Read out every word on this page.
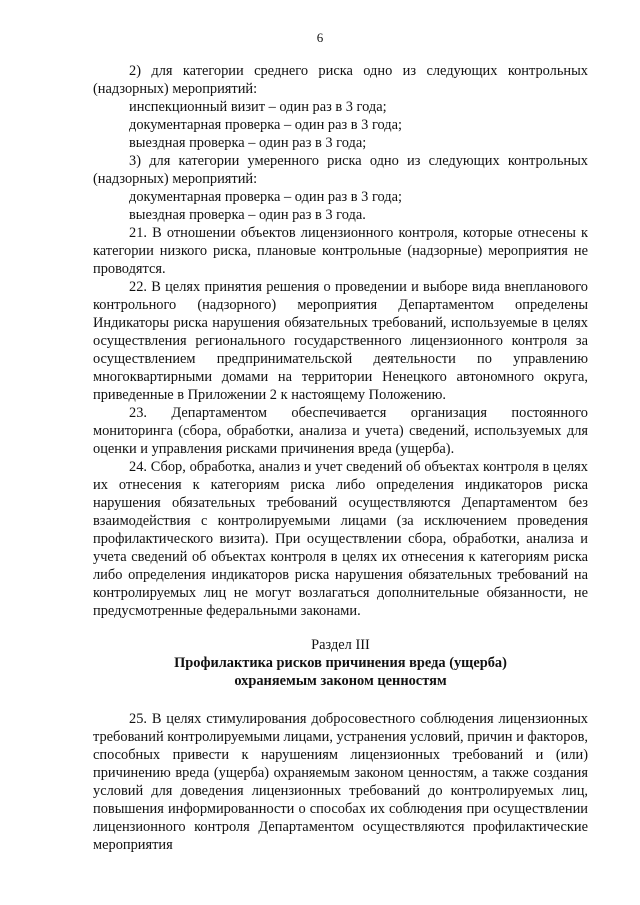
6

2) для категории среднего риска одно из следующих контрольных (надзорных) мероприятий:

инспекционный визит – один раз в 3 года;

документарная проверка – один раз в 3 года;

выездная проверка – один раз в 3 года;

3) для категории умеренного риска одно из следующих контрольных (надзорных) мероприятий:

документарная проверка – один раз в 3 года;

выездная проверка – один раз в 3 года.

21. В отношении объектов лицензионного контроля, которые отнесены к категории низкого риска, плановые контрольные (надзорные) мероприятия не проводятся.

22. В целях принятия решения о проведении и выборе вида внепланового контрольного (надзорного) мероприятия Департаментом определены Индикаторы риска нарушения обязательных требований, используемые в целях осуществления регионального государственного лицензионного контроля за осуществлением предпринимательской деятельности по управлению многоквартирными домами на территории Ненецкого автономного округа, приведенные в Приложении 2 к настоящему Положению.

23. Департаментом обеспечивается организация постоянного мониторинга (сбора, обработки, анализа и учета) сведений, используемых для оценки и управления рисками причинения вреда (ущерба).

24. Сбор, обработка, анализ и учет сведений об объектах контроля в целях их отнесения к категориям риска либо определения индикаторов риска нарушения обязательных требований осуществляются Департаментом без взаимодействия с контролируемыми лицами (за исключением проведения профилактического визита). При осуществлении сбора, обработки, анализа и учета сведений об объектах контроля в целях их отнесения к категориям риска либо определения индикаторов риска нарушения обязательных требований на контролируемых лиц не могут возлагаться дополнительные обязанности, не предусмотренные федеральными законами.

Раздел III
Профилактика рисков причинения вреда (ущерба)
охраняемым законом ценностям

25. В целях стимулирования добросовестного соблюдения лицензионных требований контролируемыми лицами, устранения условий, причин и факторов, способных привести к нарушениям лицензионных требований и (или) причинению вреда (ущерба) охраняемым законом ценностям, а также создания условий для доведения лицензионных требований до контролируемых лиц, повышения информированности о способах их соблюдения при осуществлении лицензионного контроля Департаментом осуществляются профилактические мероприятия
